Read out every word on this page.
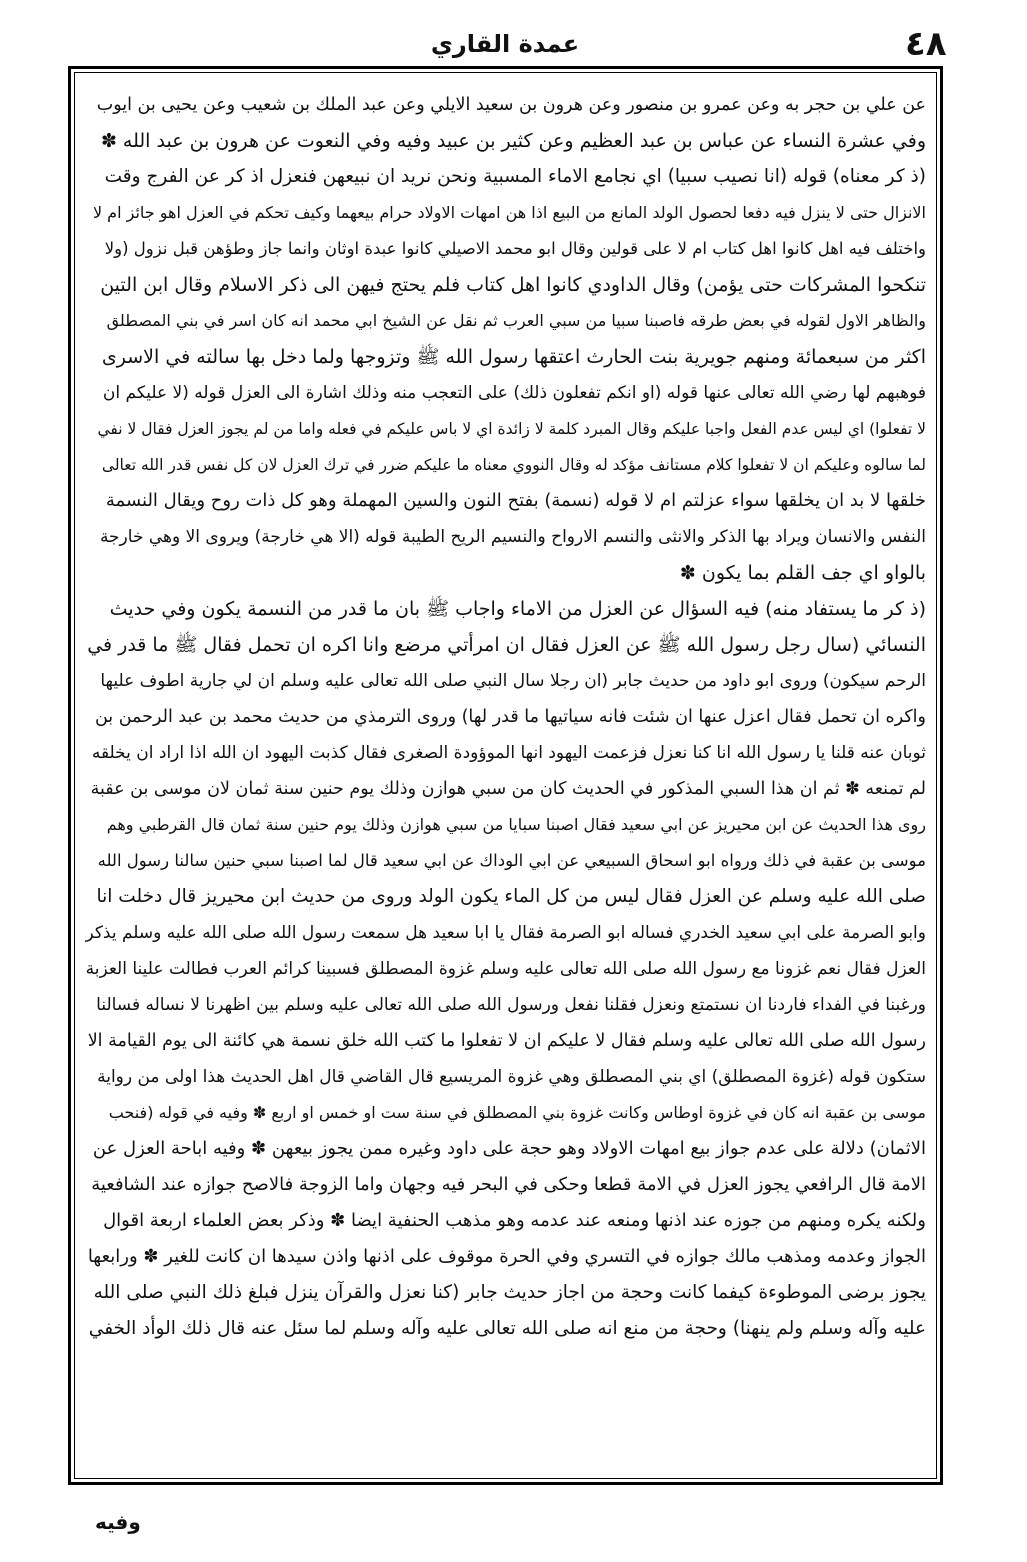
٤٨
عمدة القاري
عن علي بن حجر به وعن عمرو بن منصور وعن هرون بن سعيد الايلي وعن عبد الملك بن شعيب وعن يحيى بن ايوب
وفي عشرة النساء عن عباس بن عبد العظيم وعن كثير بن عبيد وفيه وفي النعوت عن هرون بن عبد الله ✽
(ذ كر معناه) قوله (انا نصيب سبيا) اي نجامع الاماء المسبية ونحن نريد ان نبيعهن فنعزل اذ كر عن الفرج وقت
الانزال حتى لا ينزل فيه دفعا لحصول الولد المانع من البيع اذا هن امهات الاولاد حرام بيعهما وكيف تحكم في العزل اهو جائز ام لا
واختلف فيه اهل كانوا اهل كتاب ام لا على قولين وقال ابو محمد الاصيلي كانوا عبدة اوثان وانما جاز وطؤهن قبل نزول (ولا
تنكحوا المشركات حتى يؤمن) وقال الداودي كانوا اهل كتاب فلم يحتج فيهن الى ذكر الاسلام وقال ابن التين
والظاهر الاول لقوله في بعض طرقه فاصبنا سبيا من سبي العرب ثم نقل عن الشيخ ابي محمد انه كان اسر في بني المصطلق
اكثر من سبعمائة ومنهم جويرية بنت الحارث اعتقها رسول الله ﷺ وتزوجها ولما دخل بها سالته في الاسرى
فوهبهم لها رضي الله تعالى عنها قوله (او انكم تفعلون ذلك) على التعجب منه وذلك اشارة الى العزل قوله (لا عليكم ان
لا تفعلوا) اي ليس عدم الفعل واجبا عليكم وقال المبرد كلمة لا زائدة اي لا باس عليكم في فعله واما من لم يجوز العزل فقال لا نفي
لما سالوه وعليكم ان لا تفعلوا كلام مستانف مؤكد له وقال النووي معناه ما عليكم ضرر في ترك العزل لان كل نفس قدر الله تعالى
خلقها لا بد ان يخلقها سواء عزلتم ام لا قوله (نسمة) بفتح النون والسين المهملة وهو كل ذات روح ويقال النسمة
النفس والانسان ويراد بها الذكر والانثى والنسم الارواح والنسيم الريح الطيبة قوله (الا هي خارجة) ويروى الا وهي خارجة
بالواو اي جف القلم بما يكون ✽
(ذ كر ما يستفاد منه) فيه السؤال عن العزل من الاماء واجاب ﷺ بان ما قدر من النسمة يكون وفي حديث
النسائي (سال رجل رسول الله ﷺ عن العزل فقال ان امرأتي مرضع وانا اكره ان تحمل فقال ﷺ ما قدر في
الرحم سيكون) وروى ابو داود من حديث جابر (ان رجلا سال النبي صلى الله تعالى عليه وسلم ان لي جارية اطوف عليها
واكره ان تحمل فقال اعزل عنها ان شئت فانه سياتيها ما قدر لها) وروى الترمذي من حديث محمد بن عبد الرحمن بن
ثوبان عنه قلنا يا رسول الله انا كنا نعزل فزعمت اليهود انها الموؤودة الصغرى فقال كذبت اليهود ان الله اذا اراد ان يخلقه
لم تمنعه ✽ ثم ان هذا السبي المذكور في الحديث كان من سبي هوازن وذلك يوم حنين سنة ثمان لان موسى بن عقبة
روى هذا الحديث عن ابن محيريز عن ابي سعيد فقال اصبنا سبايا من سبي هوازن وذلك يوم حنين سنة ثمان قال القرطبي وهم
موسى بن عقبة في ذلك ورواه ابو اسحاق السبيعي عن ابي الوداك عن ابي سعيد قال لما اصبنا سبي حنين سالنا رسول الله
صلى الله عليه وسلم عن العزل فقال ليس من كل الماء يكون الولد وروى من حديث ابن محيريز قال دخلت انا
وابو الصرمة على ابي سعيد الخدري فساله ابو الصرمة فقال يا ابا سعيد هل سمعت رسول الله صلى الله عليه وسلم يذكر
العزل فقال نعم غزونا مع رسول الله صلى الله تعالى عليه وسلم غزوة المصطلق فسبينا كرائم العرب فطالت علينا العزبة
ورغبنا في الفداء فاردنا ان نستمتع ونعزل فقلنا نفعل ورسول الله صلى الله تعالى عليه وسلم بين اظهرنا لا نساله فسالنا
رسول الله صلى الله تعالى عليه وسلم فقال لا عليكم ان لا تفعلوا ما كتب الله خلق نسمة هي كائنة الى يوم القيامة الا
ستكون قوله (غزوة المصطلق) اي بني المصطلق وهي غزوة المريسيع قال القاضي قال اهل الحديث هذا اولى من رواية
موسى بن عقبة انه كان في غزوة اوطاس وكانت غزوة بني المصطلق في سنة ست او خمس او اربع ✽ وفيه في قوله (فنحب
الاثمان) دلالة على عدم جواز بيع امهات الاولاد وهو حجة على داود وغيره ممن يجوز بيعهن ✽ وفيه اباحة العزل عن
الامة قال الرافعي يجوز العزل في الامة قطعا وحكى في البحر فيه وجهان واما الزوجة فالاصح جوازه عند الشافعية
ولكنه يكره ومنهم من جوزه عند اذنها ومنعه عند عدمه وهو مذهب الحنفية ايضا ✽ وذكر بعض العلماء اربعة اقوال
الجواز وعدمه ومذهب مالك جوازه في التسري وفي الحرة موقوف على اذنها واذن سيدها ان كانت للغير ✽ ورابعها
يجوز برضى الموطوءة كيفما كانت وحجة من اجاز حديث جابر (كنا نعزل والقرآن ينزل فبلغ ذلك النبي صلى الله
عليه وآله وسلم ولم ينهنا) وحجة من منع انه صلى الله تعالى عليه وآله وسلم لما سئل عنه قال ذلك الوأد الخفي
وفيه
